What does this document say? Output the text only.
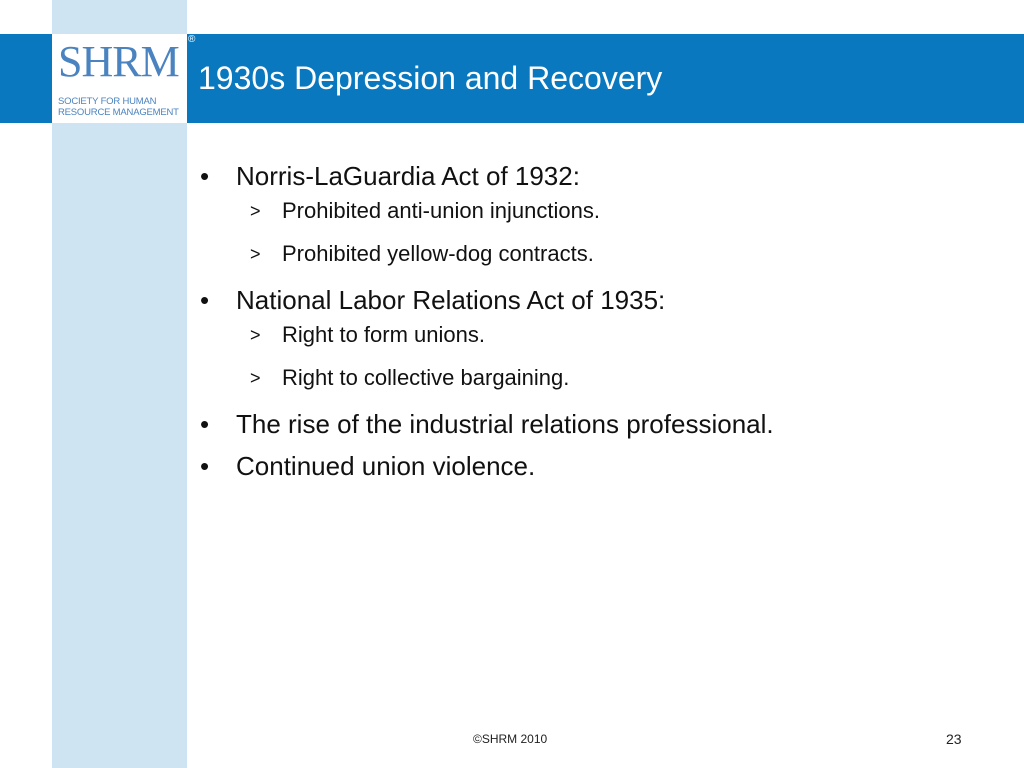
SHRM ®
SOCIETY FOR HUMAN
RESOURCE MANAGEMENT
1930s Depression and Recovery
• Norris-LaGuardia Act of 1932:
> Prohibited anti-union injunctions.
> Prohibited yellow-dog contracts.
• National Labor Relations Act of 1935:
> Right to form unions.
> Right to collective bargaining.
• The rise of the industrial relations professional.
• Continued union violence.
©SHRM 2010	23
